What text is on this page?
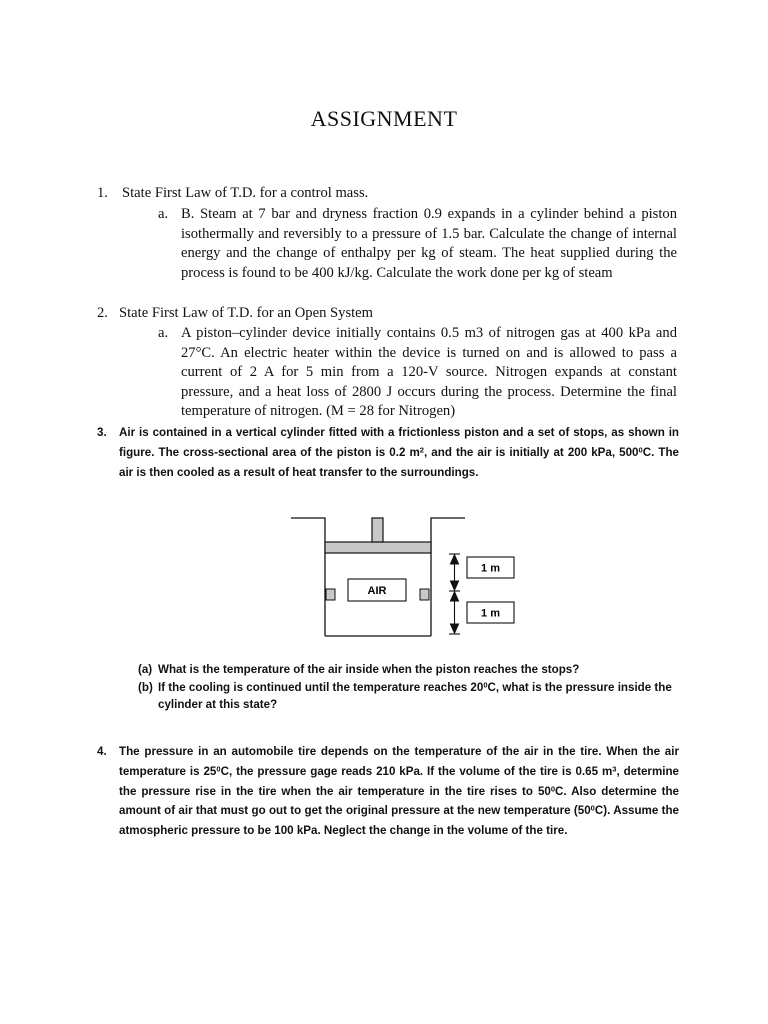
ASSIGNMENT
1. State First Law of T.D. for a control mass.
a. B. Steam at 7 bar and dryness fraction 0.9 expands in a cylinder behind a piston isothermally and reversibly to a pressure of 1.5 bar. Calculate the change of internal energy and the change of enthalpy per kg of steam. The heat supplied during the process is found to be 400 kJ/kg. Calculate the work done per kg of steam
2. State First Law of T.D. for an Open System
a. A piston–cylinder device initially contains 0.5 m3 of nitrogen gas at 400 kPa and 27°C. An electric heater within the device is turned on and is allowed to pass a current of 2 A for 5 min from a 120-V source. Nitrogen expands at constant pressure, and a heat loss of 2800 J occurs during the process. Determine the final temperature of nitrogen. (M = 28 for Nitrogen)
3. Air is contained in a vertical cylinder fitted with a frictionless piston and a set of stops, as shown in figure. The cross-sectional area of the piston is 0.2 $m^2$, and the air is initially at 200 kPa, $500^0C$. The air is then cooled as a result of heat transfer to the surroundings.
AIR
1 m
1 m
(a) What is the temperature of the air inside when the piston reaches the stops?
(b) If the cooling is continued until the temperature reaches $20^0C$, what is the pressure inside the cylinder at this state?
4. The pressure in an automobile tire depends on the temperature of the air in the tire. When the air temperature is $25^0C$, the pressure gage reads 210 kPa. If the volume of the tire is 0.65 $m^3$, determine the pressure rise in the tire when the air temperature in the tire rises to $50^0C$. Also determine the amount of air that must go out to get the original pressure at the new temperature $(50^0C)$. Assume the atmospheric pressure to be 100 kPa. Neglect the change in the volume of the tire.
